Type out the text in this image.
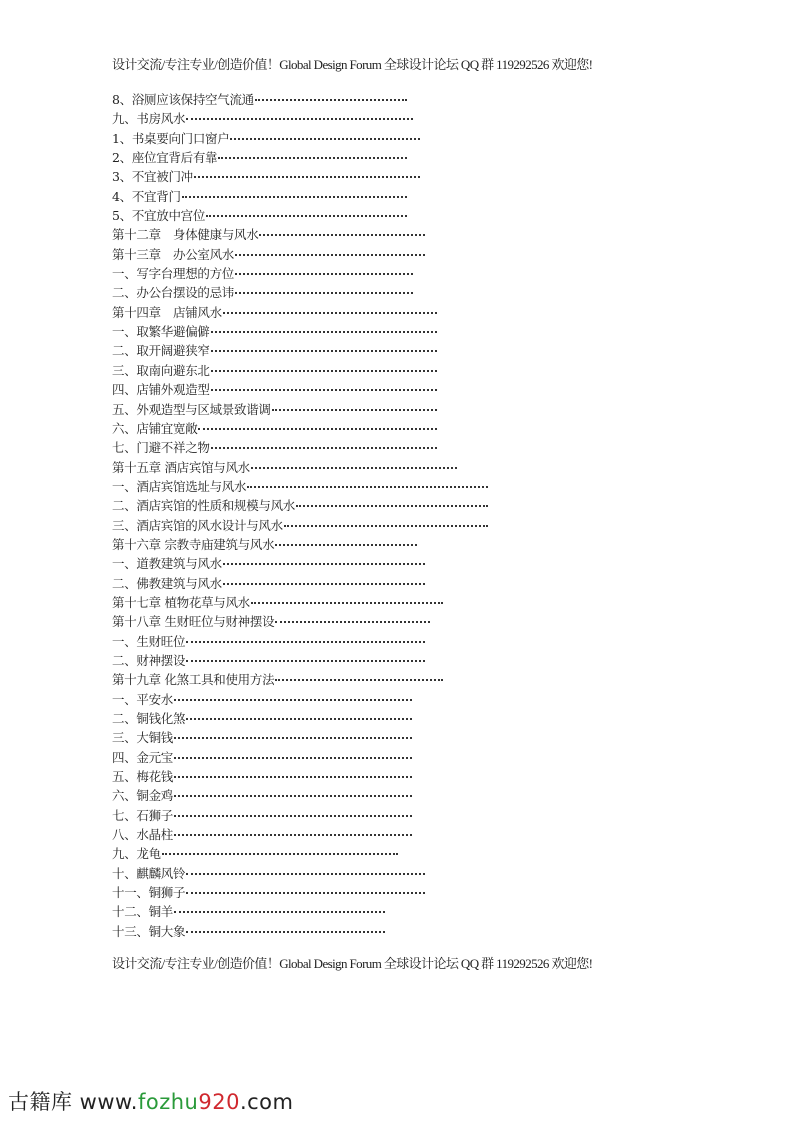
设计交流/专注专业/创造价值！Global Design Forum 全球设计论坛 QQ 群 119292526 欢迎您!
8、浴厕应该保持空气流通
九、书房风水
1、书桌要向门口窗户
2、座位宜背后有靠
3、不宜被门冲
4、不宜背门
5、不宜放中宫位
第十二章　身体健康与风水
第十三章　办公室风水
一、写字台理想的方位
二、办公台摆设的忌讳
第十四章　店铺风水
一、取繁华避偏僻
二、取开阔避狭窄
三、取南向避东北
四、店铺外观造型
五、外观造型与区域景致谐调
六、店铺宜宽敞
七、门避不祥之物
第十五章 酒店宾馆与风水
一、酒店宾馆选址与风水
二、酒店宾馆的性质和规模与风水
三、酒店宾馆的风水设计与风水
第十六章 宗教寺庙建筑与风水
一、道教建筑与风水
二、佛教建筑与风水
第十七章 植物花草与风水
第十八章 生财旺位与财神摆设
一、生财旺位
二、财神摆设
第十九章 化煞工具和使用方法
一、平安水
二、铜钱化煞
三、大铜钱
四、金元宝
五、梅花钱
六、铜金鸡
七、石狮子
八、水晶柱
九、龙龟
十、麒麟风铃
十一、铜狮子
十二、铜羊
十三、铜大象
设计交流/专注专业/创造价值！Global Design Forum 全球设计论坛 QQ 群 119292526 欢迎您!
古籍库 www.fozhu920.com
